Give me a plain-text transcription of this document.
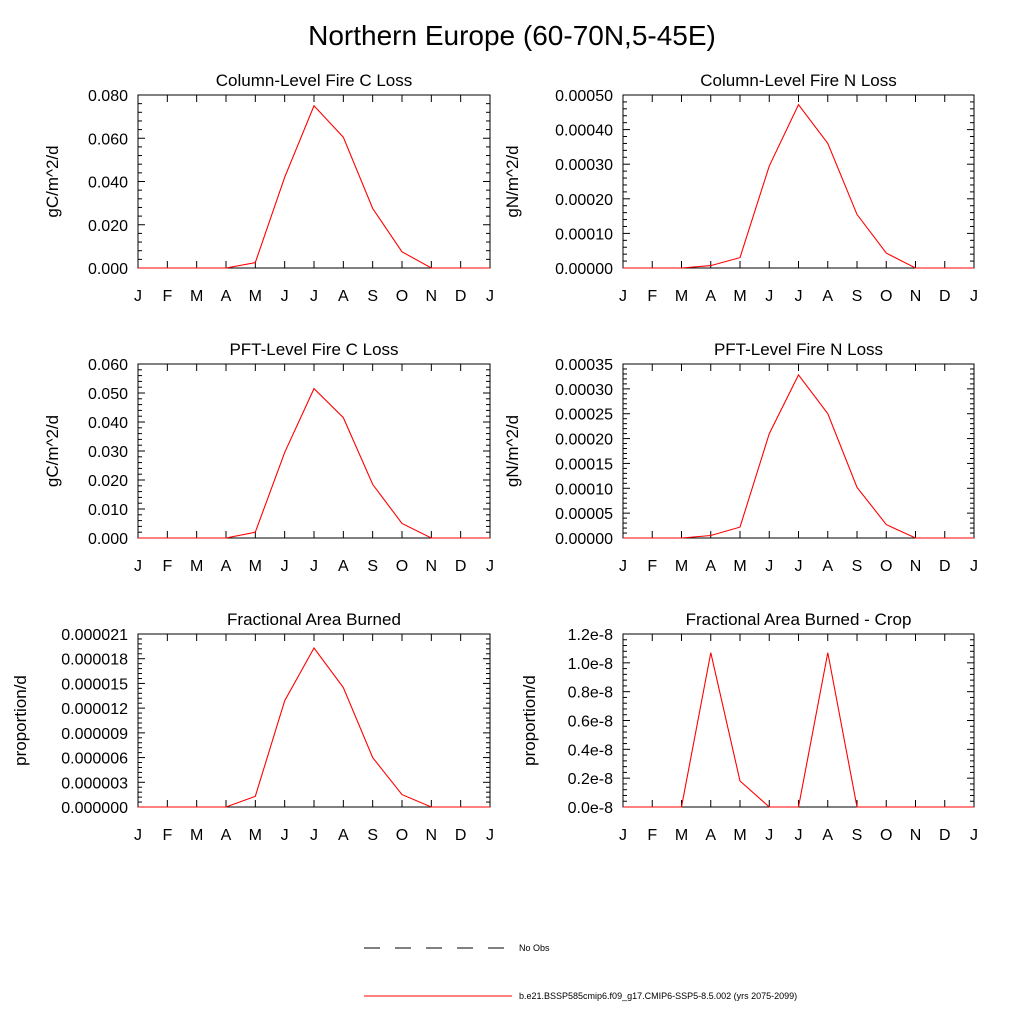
Northern Europe (60-70N,5-45E)
Column-Level Fire C Loss
gC/m^2/d
0.000
0.020
0.040
0.060
0.080
J F M A M J J A S O N D J
Column-Level Fire N Loss
gN/m^2/d
0.00000
0.00010
0.00020
0.00030
0.00040
0.00050
J F M A M J J A S O N D J
PFT-Level Fire C Loss
gC/m^2/d
0.000
0.010
0.020
0.030
0.040
0.050
0.060
J F M A M J J A S O N D J
PFT-Level Fire N Loss
gN/m^2/d
0.00000
0.00005
0.00010
0.00015
0.00020
0.00025
0.00030
0.00035
J F M A M J J A S O N D J
Fractional Area Burned
proportion/d
0.000000
0.000003
0.000006
0.000009
0.000012
0.000015
0.000018
0.000021
J F M A M J J A S O N D J
Fractional Area Burned - Crop
proportion/d
0.0e-8
0.2e-8
0.4e-8
0.6e-8
0.8e-8
1.0e-8
1.2e-8
J F M A M J J A S O N D J
No Obs
b.e21.BSSP585cmip6.f09_g17.CMIP6-SSP5-8.5.002 (yrs 2075-2099)
